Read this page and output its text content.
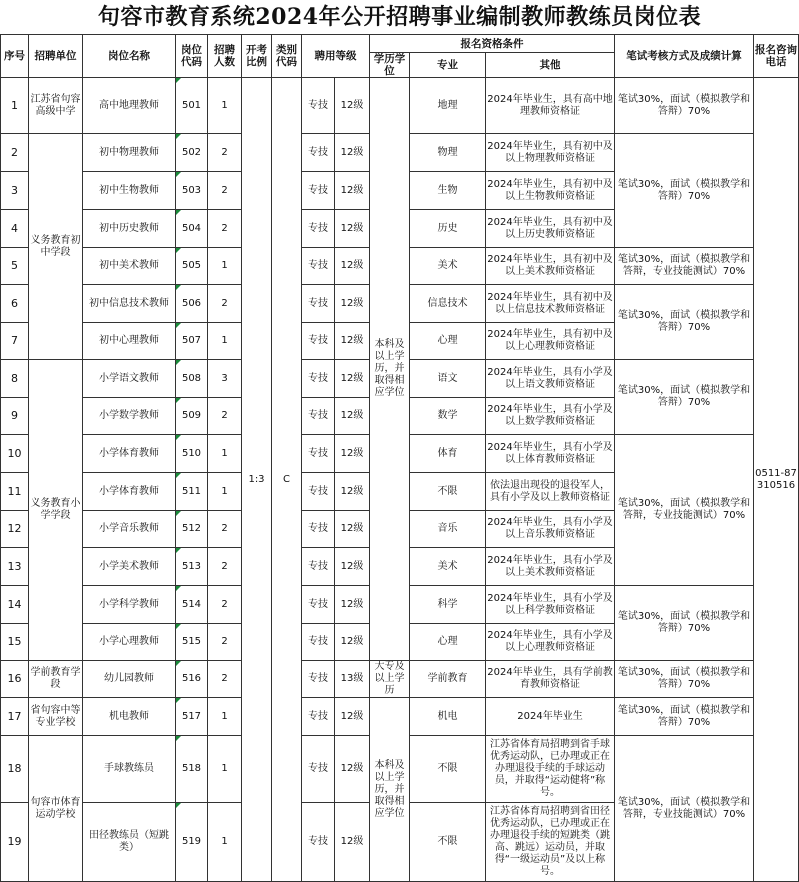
句容市教育系统2024年公开招聘事业编制教师教练员岗位表
序号	招聘单位	岗位名称	岗位代码	招聘人数	开考比例	类别代码	聘用等级		报名资格条件			笔试考核方式及成绩计算	报名咨询电话
									学历学位	专业	其他		
1	江苏省句容高级中学	高中地理教师	501	1	1:3	C	专技	12级	本科及以上学历，并取得相应学位	地理	2024年毕业生，具有高中地理教师资格证	笔试30%，面试（模拟教学和答辩）70%	0511-87310516
2	义务教育初中学段	初中物理教师	502	2			专技	12级		物理	2024年毕业生，具有初中及以上物理教师资格证	笔试30%，面试（模拟教学和答辩）70%	
3		初中生物教师	503	2			专技	12级		生物	2024年毕业生，具有初中及以上生物教师资格证		
4		初中历史教师	504	2			专技	12级		历史	2024年毕业生，具有初中及以上历史教师资格证		
5		初中美术教师	505	1			专技	12级		美术	2024年毕业生，具有初中及以上美术教师资格证	笔试30%，面试（模拟教学和答辩，专业技能测试）70%	
6		初中信息技术教师	506	2			专技	12级		信息技术	2024年毕业生，具有初中及以上信息技术教师资格证	笔试30%，面试（模拟教学和答辩）70%	
7		初中心理教师	507	1			专技	12级		心理	2024年毕业生，具有初中及以上心理教师资格证		
8	义务教育小学学段	小学语文教师	508	3			专技	12级		语文	2024年毕业生，具有小学及以上语文教师资格证	笔试30%，面试（模拟教学和答辩）70%	
9		小学数学教师	509	2			专技	12级		数学	2024年毕业生，具有小学及以上数学教师资格证		
10		小学体育教师	510	1			专技	12级		体育	2024年毕业生，具有小学及以上体育教师资格证	笔试30%，面试（模拟教学和答辩，专业技能测试）70%	
11		小学体育教师	511	1			专技	12级		不限	依法退出现役的退役军人，具有小学及以上教师资格证		
12		小学音乐教师	512	2			专技	12级		音乐	2024年毕业生，具有小学及以上音乐教师资格证		
13		小学美术教师	513	2			专技	12级		美术	2024年毕业生，具有小学及以上美术教师资格证		
14		小学科学教师	514	2			专技	12级		科学	2024年毕业生，具有小学及以上科学教师资格证	笔试30%，面试（模拟教学和答辩）70%	
15		小学心理教师	515	2			专技	12级		心理	2024年毕业生，具有小学及以上心理教师资格证		
16	学前教育学段	幼儿园教师	516	2			专技	13级	大专及以上学历	学前教育	2024年毕业生，具有学前教育教师资格证	笔试30%，面试（模拟教学和答辩）70%	
17	省句容中等专业学校	机电教师	517	1			专技	12级	本科及以上学历，并取得相应学位	机电	2024年毕业生	笔试30%，面试（模拟教学和答辩）70%	
18	句容市体育运动学校	手球教练员	518	1			专技	12级		不限	江苏省体育局招聘到省手球优秀运动队，已办理或正在办理退役手续的手球运动员，并取得“运动健将”称号。	笔试30%，面试（模拟教学和答辩，专业技能测试）70%	
19		田径教练员（短跳类）	519	1			专技	12级		不限	江苏省体育局招聘到省田径优秀运动队，已办理或正在办理退役手续的短跳类（跳高、跳远）运动员，并取得“一级运动员”及以上称号。		
